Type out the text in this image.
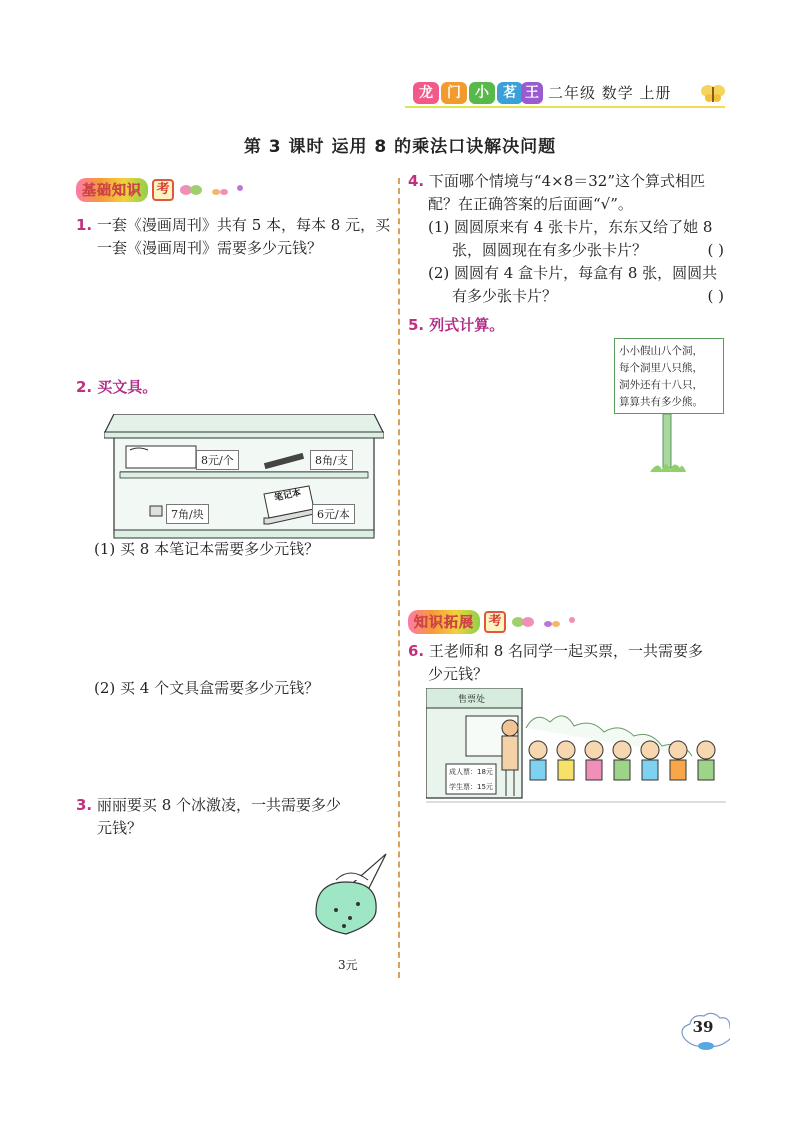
龙	门	小	茗 王 二年级 数学 上册
第 3 课时 运用 8 的乘法口诀解决问题
基础知识	考
1. 一套《漫画周刊》共有 5 本，每本 8 元，买
一套《漫画周刊》需要多少元钱？
2. 买文具。
8元/个	8角/支
7角/块	6元/本
笔记本
(1) 买 8 本笔记本需要多少元钱？
(2) 买 4 个文具盒需要多少元钱？
3. 丽丽要买 8 个冰激凌，一共需要多少
元钱？
3元
4. 下面哪个情境与“4×8＝32”这个算式相匹
配？在正确答案的后面画“√”。
(1) 圆圆原来有 4 张卡片，东东又给了她 8
张，圆圆现在有多少张卡片？	( )
(2) 圆圆有 4 盒卡片，每盒有 8 张，圆圆共
有多少张卡片？	( )
5. 列式计算。
小小假山八个洞，
每个洞里八只熊，
洞外还有十八只，
算算共有多少熊。
知识拓展	考
6. 王老师和 8 名同学一起买票，一共需要多
少元钱？
售票处
成人票：18元
学生票：15元
39
